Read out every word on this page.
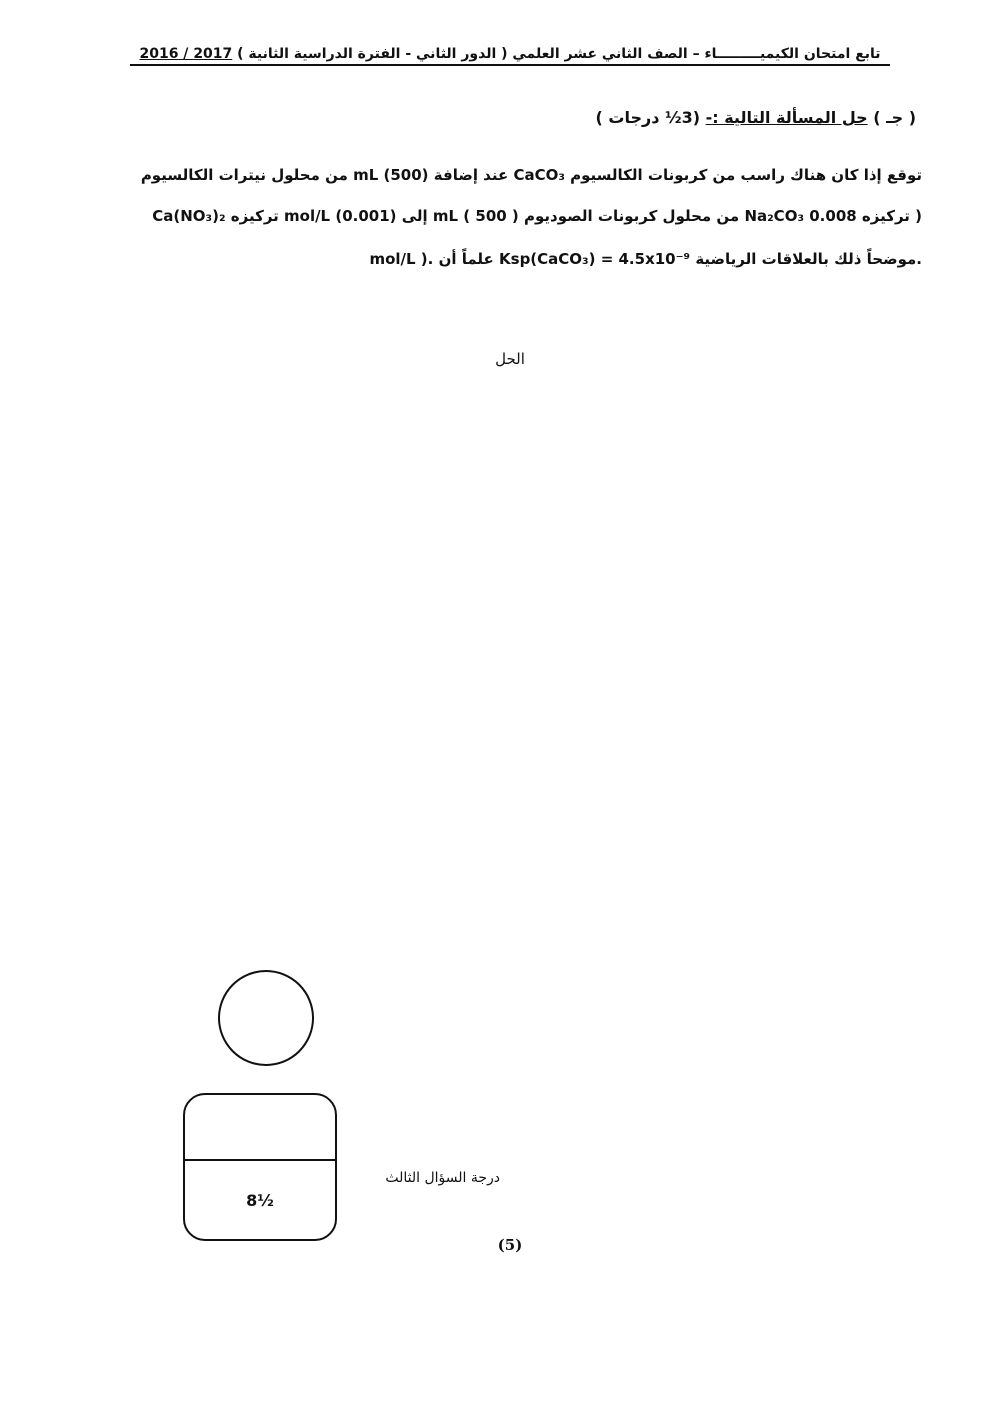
تابع امتحان الكيميـــــــــاء – الصف الثاني عشر العلمي ( الدور الثاني - الفترة الدراسية الثانية ) 2017 / 2016
( جـ ) حل المسألة التالية :- (3½ درجات )
توقع إذا كان هناك راسب من كربونات الكالسيوم CaCO₃ عند إضافة mL (500) من محلول نيترات الكالسيوم
Ca(NO₃)₂ تركيزه mol/L (0.001) إلى mL ( 500 ) من محلول كربونات الصوديوم Na₂CO₃ تركيزه 0.008 )
mol/L ). علماً أن Ksp(CaCO₃) = 4.5x10⁻⁹ موضحاً ذلك بالعلاقات الرياضية.
الحل
8½
درجة السؤال الثالث
(5)
